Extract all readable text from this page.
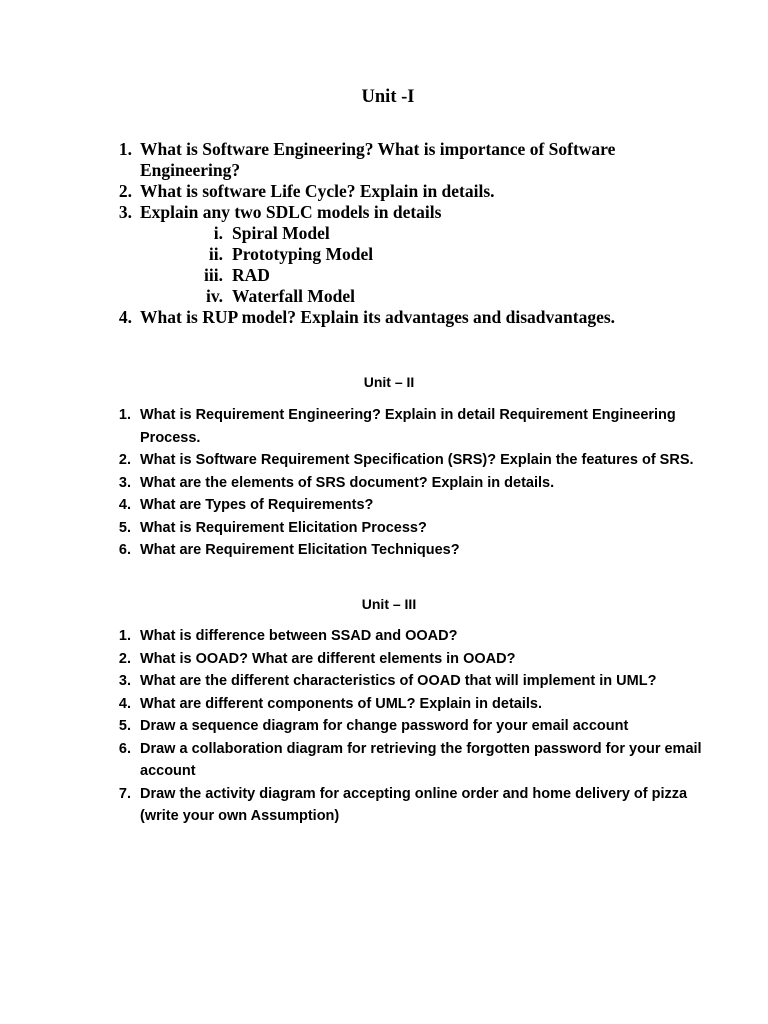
Unit -I
1. What is Software Engineering? What is importance of Software Engineering?
2. What is software Life Cycle? Explain in details.
3. Explain any two SDLC models in details
i. Spiral Model
ii. Prototyping Model
iii. RAD
iv. Waterfall Model
4. What is RUP model? Explain its advantages and disadvantages.
Unit – II
1. What is Requirement Engineering? Explain in detail Requirement Engineering Process.
2. What is Software Requirement Specification (SRS)? Explain the features of SRS.
3. What are the elements of SRS document? Explain in details.
4. What are Types of Requirements?
5. What is Requirement Elicitation Process?
6. What are Requirement Elicitation Techniques?
Unit – III
1. What is difference between SSAD and OOAD?
2. What is OOAD? What are different elements in OOAD?
3. What are the different characteristics of OOAD that will implement in UML?
4. What are different components of UML? Explain in details.
5. Draw a sequence diagram for change password for your email account
6. Draw a collaboration diagram for retrieving the forgotten password for your email account
7. Draw the activity diagram for accepting online order and home delivery of pizza (write your own Assumption)
